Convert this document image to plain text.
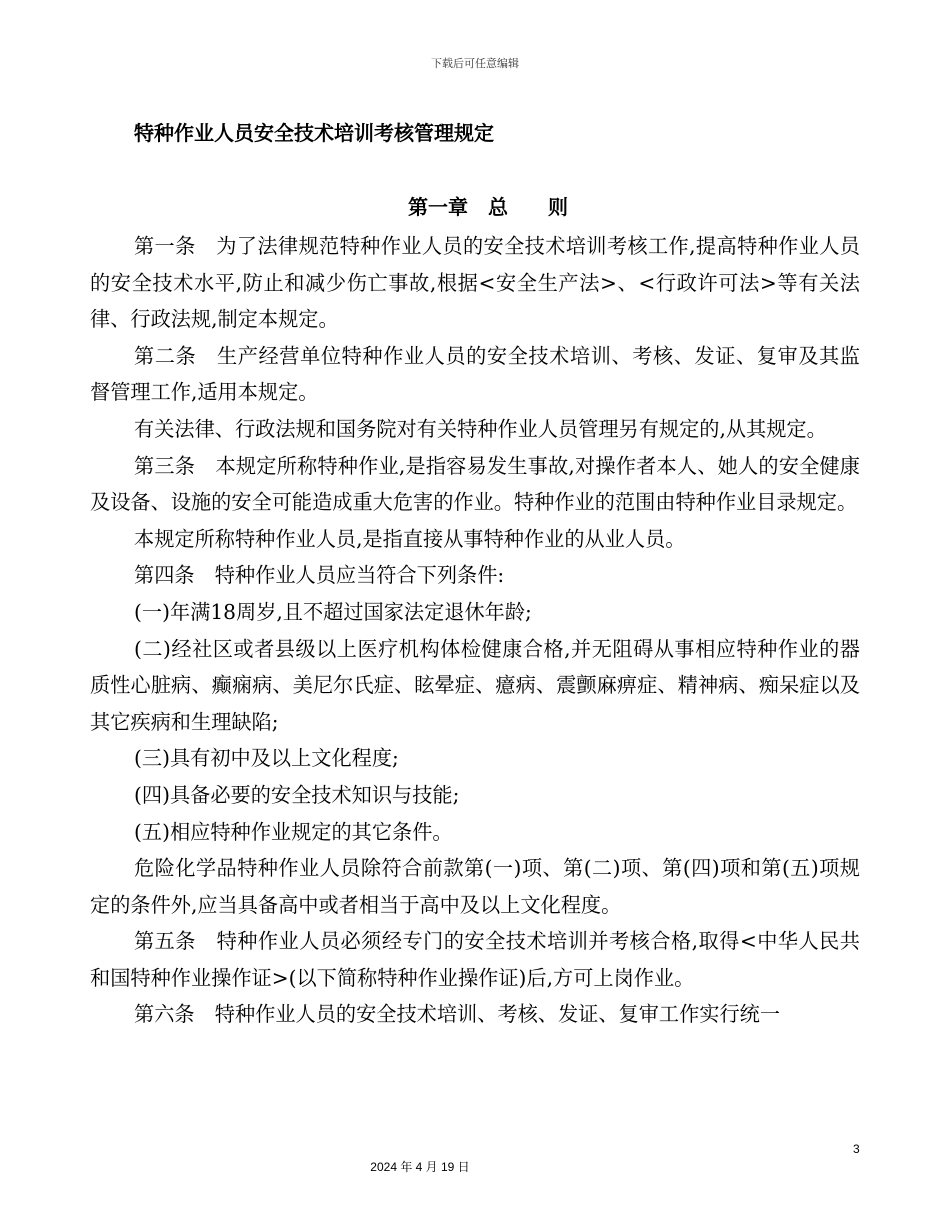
下载后可任意编辑
特种作业人员安全技术培训考核管理规定
第一章　总　　则

第一条　为了法律规范特种作业人员的安全技术培训考核工作,提高特种作业人员的安全技术水平,防止和减少伤亡事故,根据<安全生产法>、<行政许可法>等有关法律、行政法规,制定本规定。

第二条　生产经营单位特种作业人员的安全技术培训、考核、发证、复审及其监督管理工作,适用本规定。

有关法律、行政法规和国务院对有关特种作业人员管理另有规定的,从其规定。

第三条　本规定所称特种作业,是指容易发生事故,对操作者本人、她人的安全健康及设备、设施的安全可能造成重大危害的作业。特种作业的范围由特种作业目录规定。

本规定所称特种作业人员,是指直接从事特种作业的从业人员。

第四条　特种作业人员应当符合下列条件:

(一)年满18周岁,且不超过国家法定退休年龄;

(二)经社区或者县级以上医疗机构体检健康合格,并无阻碍从事相应特种作业的器质性心脏病、癫痫病、美尼尔氏症、眩晕症、癔病、震颤麻痹症、精神病、痴呆症以及其它疾病和生理缺陷;

(三)具有初中及以上文化程度;

(四)具备必要的安全技术知识与技能;

(五)相应特种作业规定的其它条件。

危险化学品特种作业人员除符合前款第(一)项、第(二)项、第(四)项和第(五)项规定的条件外,应当具备高中或者相当于高中及以上文化程度。

第五条　特种作业人员必须经专门的安全技术培训并考核合格,取得<中华人民共和国特种作业操作证>(以下简称特种作业操作证)后,方可上岗作业。

第六条　特种作业人员的安全技术培训、考核、发证、复审工作实行统一

3
2024 年 4 月 19 日
